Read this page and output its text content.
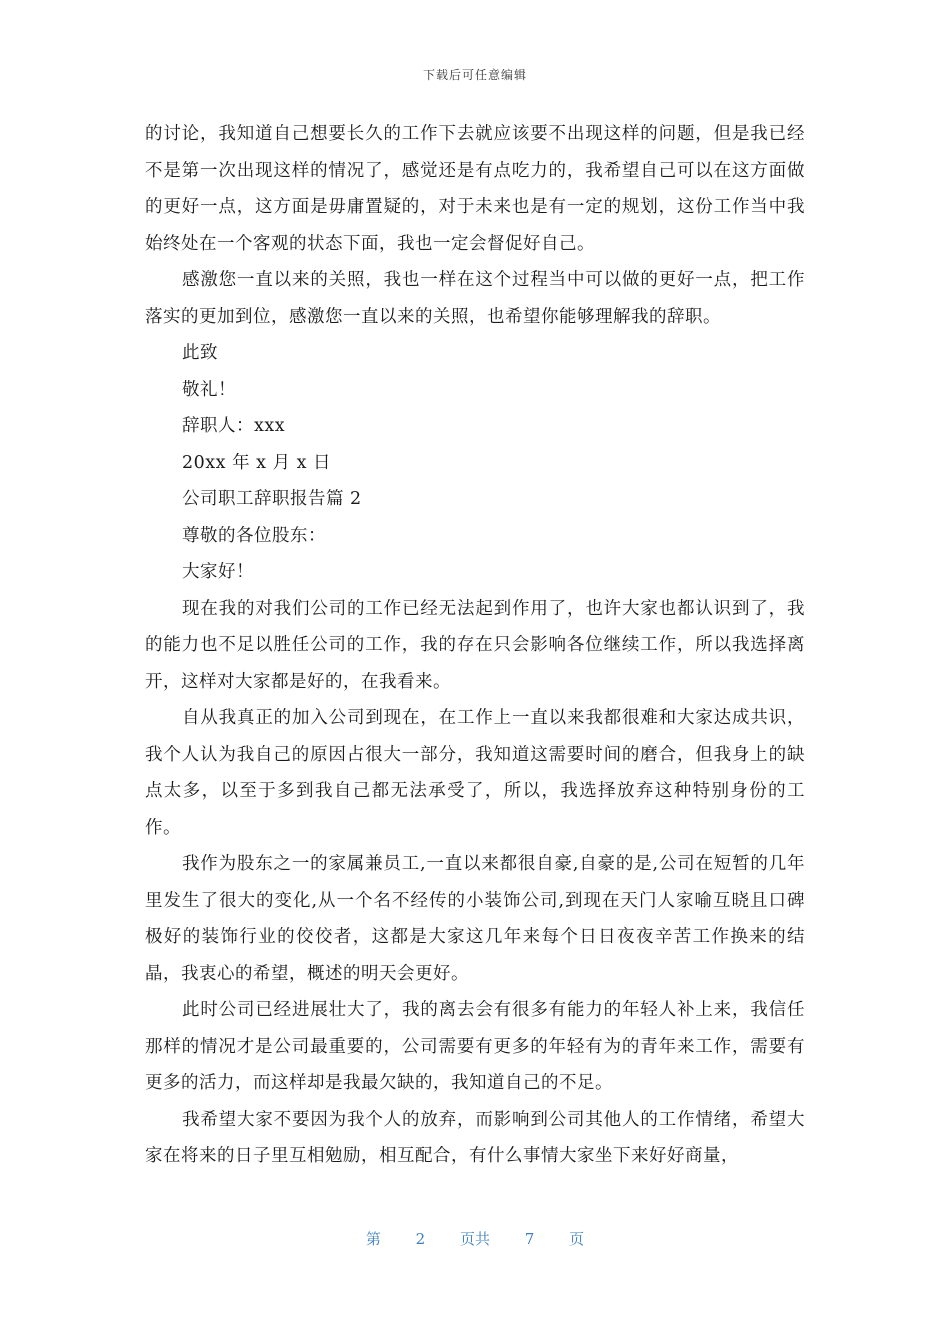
下载后可任意编辑

的讨论，我知道自己想要长久的工作下去就应该要不出现这样的问题，但是我已经不是第一次出现这样的情况了，感觉还是有点吃力的，我希望自己可以在这方面做的更好一点，这方面是毋庸置疑的，对于未来也是有一定的规划，这份工作当中我始终处在一个客观的状态下面，我也一定会督促好自己。

感激您一直以来的关照，我也一样在这个过程当中可以做的更好一点，把工作落实的更加到位，感激您一直以来的关照，也希望你能够理解我的辞职。

此致

敬礼！

辞职人：xxx

20xx 年 x 月 x 日

公司职工辞职报告篇 2

尊敬的各位股东：

大家好！

现在我的对我们公司的工作已经无法起到作用了，也许大家也都认识到了，我的能力也不足以胜任公司的工作，我的存在只会影响各位继续工作，所以我选择离开，这样对大家都是好的，在我看来。

自从我真正的加入公司到现在，在工作上一直以来我都很难和大家达成共识，我个人认为我自己的原因占很大一部分，我知道这需要时间的磨合，但我身上的缺点太多，以至于多到我自己都无法承受了，所以，我选择放弃这种特别身份的工作。

我作为股东之一的家属兼员工,一直以来都很自豪,自豪的是,公司在短暂的几年里发生了很大的变化,从一个名不经传的小装饰公司,到现在天门人家喻互晓且口碑极好的装饰行业的佼佼者，这都是大家这几年来每个日日夜夜辛苦工作换来的结晶，我衷心的希望，概述的明天会更好。

此时公司已经进展壮大了，我的离去会有很多有能力的年轻人补上来，我信任那样的情况才是公司最重要的，公司需要有更多的年轻有为的青年来工作，需要有更多的活力，而这样却是我最欠缺的，我知道自己的不足。

我希望大家不要因为我个人的放弃，而影响到公司其他人的工作情绪，希望大家在将来的日子里互相勉励，相互配合，有什么事情大家坐下来好好商量，

第 2 页共 7 页
